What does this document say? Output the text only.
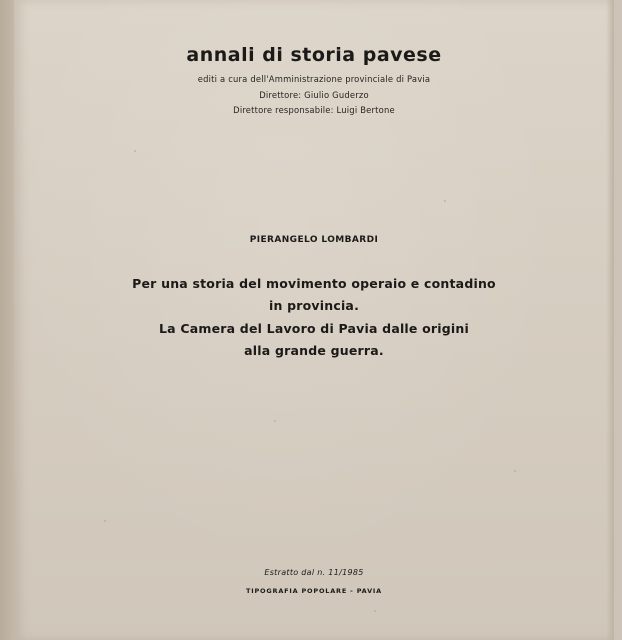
annali di storia pavese
editi a cura dell'Amministrazione provinciale di Pavia
Direttore: Giulio Guderzo
Direttore responsabile: Luigi Bertone
PIERANGELO LOMBARDI
Per una storia del movimento operaio e contadino
in provincia.
La Camera del Lavoro di Pavia dalle origini
alla grande guerra.
Estratto dal n. 11/1985
TIPOGRAFIA POPOLARE - PAVIA
